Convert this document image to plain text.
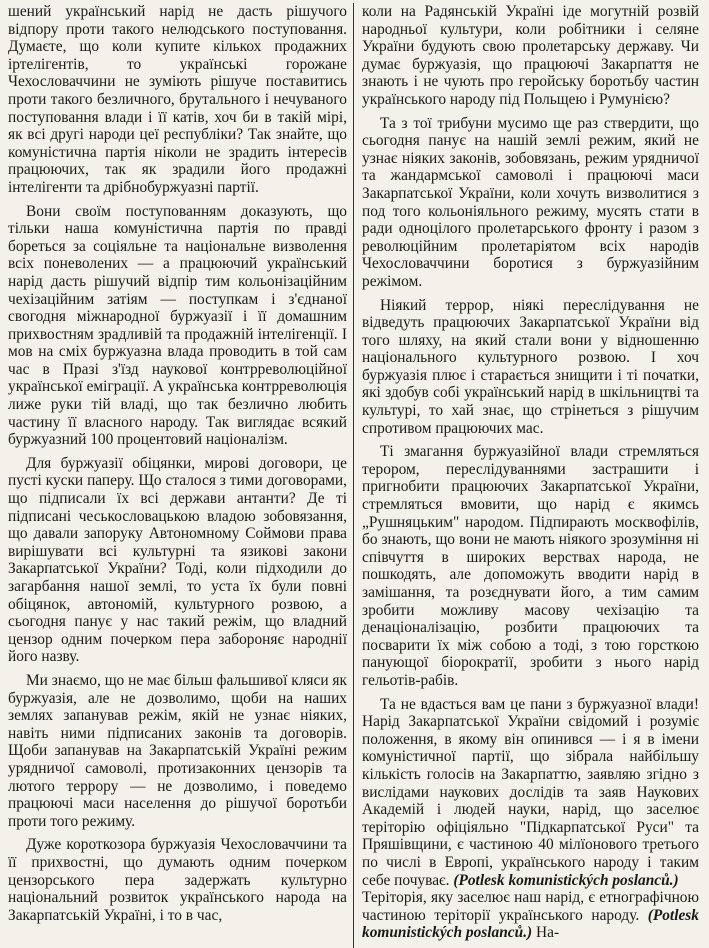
шений український нарід не дасть рішучого відпору проти такого нелюдського поступовання. Думаєте, що коли купите кількох продажних іртелігентів, то українські горожане Чехословаччини не зуміють рішуче поставитись проти такого безличного, брутального і нечуваного поступовання влади і її катів, хоч би в такій мірі, як всі другі народи цеї республіки? Так знайте, що комуністична партія ніколи не зрадить інтересів працюючих, так як зрадили його продажні інтелігенти та дрібнобуржуазні партії.

Вони своїм поступованням доказують, що тільки наша комуністична партія по правді бореться за соціяльне та національне визволення всіх поневолених — а працюючий український нарід дасть рішучий відпір тим кольонізаційним чехізаційним затіям — поступкам і з'єднаної свогодня міжнародної буржуазії і її домашним прихвостням зрадливій та продажній інтелігенції. І мов на сміх буржуазна влада проводить в той сам час в Празі з'їзд наукової контрреволюційної української еміграції. А українська контрреволюція лиже руки тій владі, що так безлично любить частину її власного народу. Так виглядає всякий буржуазний 100 процентовий націоналізм.

Для буржуазії обіцянки, мирові договори, це пусті куски паперу. Що сталося з тими договорами, що підписали їх всі держави антанти? Де ті підписані чеськословацькою владою зобовязання, що давали запоруку Автономному Соймови права вирішувати всі культурні та язикові закони Закарпатської України? Тоді, коли підходили до загарбання нашої землі, то уста їх були повні обіцянок, автономій, культурного розвою, а сьогодня панує у нас такий режім, що владний цензор одним почерком пера забороняє народнії його назву.

Ми знаємо, що не має більш фальшивої кляси як буржуазія, але не дозволимо, щоби на наших землях запанував режім, якій не узнає ніяких, навіть ними підписаних законів та договорів. Щоби запанував на Закарпатській Україні режим урядничої самоволі, протизаконних цензорів та лютого террору — не дозволимо, і поведемо працюючі маси населення до рішучої боротьби проти того режиму.

Дуже короткозора буржуазія Чехословаччини та її прихвостні, що думають одним почерком цензорського пера задержать культурно національний розвиток українського народа на Закарпатській Україні, і то в час,

коли на Радянській Україні іде могутній розвій народньої культури, коли робітники і селяне України будують свою пролетарську державу. Чи думає буржуазія, що працюючі Закарпаття не знають і не чують про геройську боротьбу частин українського народу під Польщею і Румунією?

Та з тої трибуни мусимо ще раз ствердити, що сьогодня панує на нашій землі режим, який не узнає ніяких законів, зобовязань, режим урядничої та жандармської самоволі і працюючі маси Закарпатської України, коли хочуть визволитися з под того кольоніяльного режиму, мусять стати в ради одноцілого пролетарського фронту і разом з революційним пролетаріятом всіх народів Чехословаччини боротися з буржуазійним режімом.

Ніякий террор, ніякі переслідування не відведуть працюючих Закарпатської України від того шляху, на який стали вони у відношенню національного культурного розвою. І хоч буржуазія плює і старається знищити і ті початки, які здобув собі український нарід в шкільництві та культурі, то хай знає, що стрінеться з рішучим спротивом працюючих мас.

Ті змагання буржуазійної влади стремляться терором, переслідуваннями застрашити і пригнобити працюючих Закарпатської України, стремляться вмовити, що нарід є якимсь „Рушняцьким" народом. Підпирають москвофілів, бо знають, що вони не мають ніякого зрозуміння ні співчуття в широких верствах народа, не пошкодять, але допоможуть вводити нарід в замішання, та розєднувати його, а тим самим зробити можливу масову чехізацію та денаціоналізацію, розбити працюючих та посварити їх між собою а тоді, з тою горсткою панующої біорократії, зробити з нього нарід гельотів-рабів.

Та не вдасться вам це пани з буржуазної влади! Нарід Закарпатської України свідомий і розуміє положення, в якому він опинився — і я в імени комуністичної партії, що зібрала найбільшу кількість голосів на Закарпаттю, заявляю згідно з вислідами наукових дослідів та заяв Наукових Академій і людей науки, нарід, що заселює теріторію офіціяльно "Підкарпатської Руси" та Пряшівщини, є частиною 40 мілїонового третього по числі в Европі, українського народу і таким себе почуває. (Potlesk komunistických poslanců.)

Теріторія, яку заселює наш нарід, є етнографічною частиною теріторії українського народу. (Potlesk komunistických poslanců.) На-
